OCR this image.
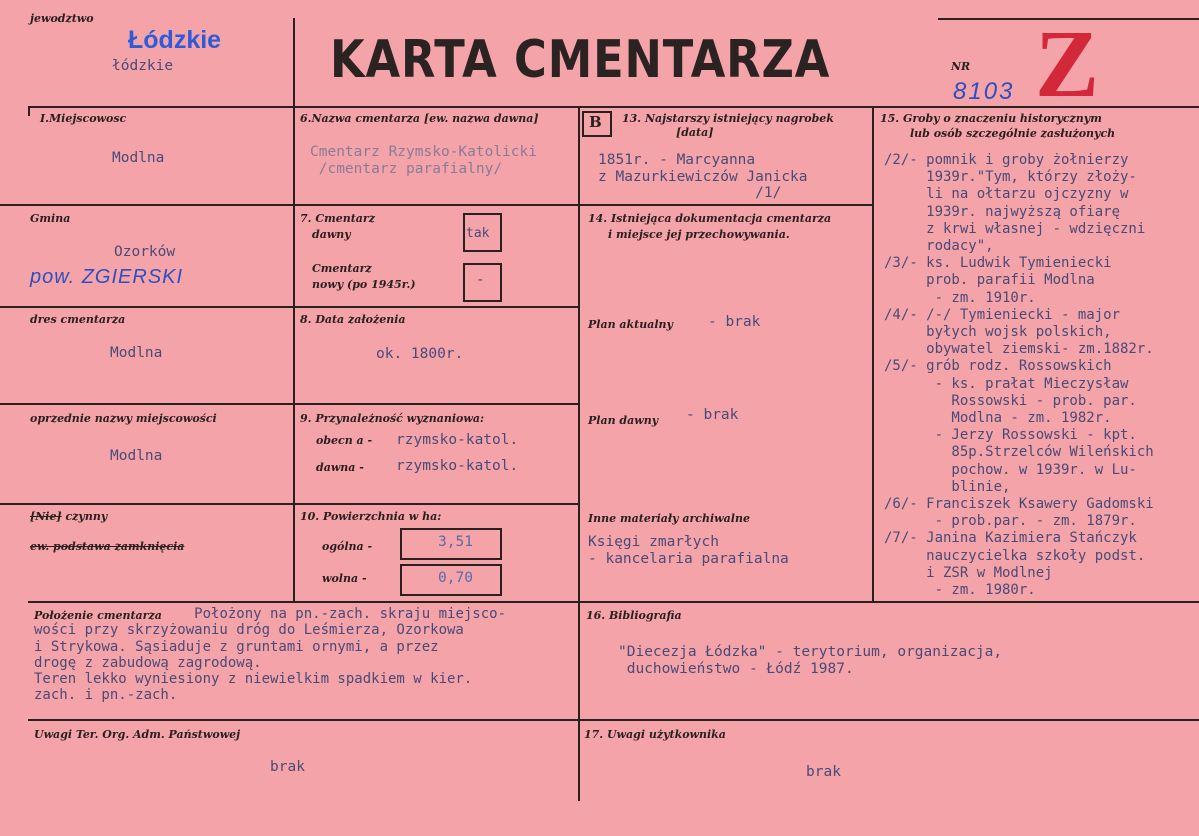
jewodztwo
Łódzkie
łódzkie	KARTA CMENTARZA	NR
8103 Z
I.Miejscowosc
Modlna
6.Nazwa cmentarza [ew. nazwa dawna]
Cmentarz Rzymsko-Katolicki
/cmentarz parafialny/
B 13. Najstarszy istniejący nagrobek
[data]
1851r. - Marcyanna
z Mazurkiewiczów Janicka
/1/
15. Groby o znaczeniu historycznym
lub osób szczególnie zasłużonych
/2/- pomnik i groby żołnierzy
1939r."Tym, którzy złoży-
li na ołtarzu ojczyzny w
1939r. najwyższą ofiarę
z krwi własnej - wdzięczni
rodacy",
/3/- ks. Ludwik Tymieniecki
prob. parafii Modlna
- zm. 1910r.
/4/- /-/ Tymieniecki - major
byłych wojsk polskich,
obywatel ziemski- zm.1882r.
/5/- grób rodz. Rossowskich
- ks. prałat Mieczysław
Rossowski - prob. par.
Modlna - zm. 1982r.
- Jerzy Rossowski - kpt.
85p.Strzelców Wileńskich
pochow. w 1939r. w Lu-
blinie,
/6/- Franciszek Ksawery Gadomski
- prob.par. - zm. 1879r.
/7/- Janina Kazimiera Stańczyk
nauczycielka szkoły podst.
i ZSR w Modlnej
- zm. 1980r.
Gmina
Ozorków
pow. ZGIERSKI
7. Cmentarz
dawny	tak
Cmentarz
nowy (po 1945r.)	-
14. Istniejąca dokumentacja cmentarza
i miejsce jej przechowywania.
Plan aktualny - brak
Plan dawny - brak
Inne materiały archiwalne
Księgi zmarłych
- kancelaria parafialna
dres cmentarza
Modlna
8. Data założenia
ok. 1800r.
oprzednie nazwy miejscowości
Modlna
9. Przynależność wyznaniowa:
obecn a - rzymsko-katol.
dawna - rzymsko-katol.
[Nie] czynny
ew. podstawa zamknięcia
10. Powierzchnia w ha:
ogólna -	3,51
wolna -	0,70
Położenie cmentarza	Położony na pn.-zach. skraju miejsco-
wości przy skrzyżowaniu dróg do Leśmierza, Ozorkowa
i Strykowa. Sąsiaduje z gruntami ornymi, a przez
drogę z zabudową zagrodową.
Teren lekko wyniesiony z niewielkim spadkiem w kier.
zach. i pn.-zach.
16. Bibliografia
"Diecezja Łódzka" - terytorium, organizacja,
duchowieństwo - Łódź 1987.
Uwagi Ter. Org. Adm. Państwowej
brak
17. Uwagi użytkownika
brak
